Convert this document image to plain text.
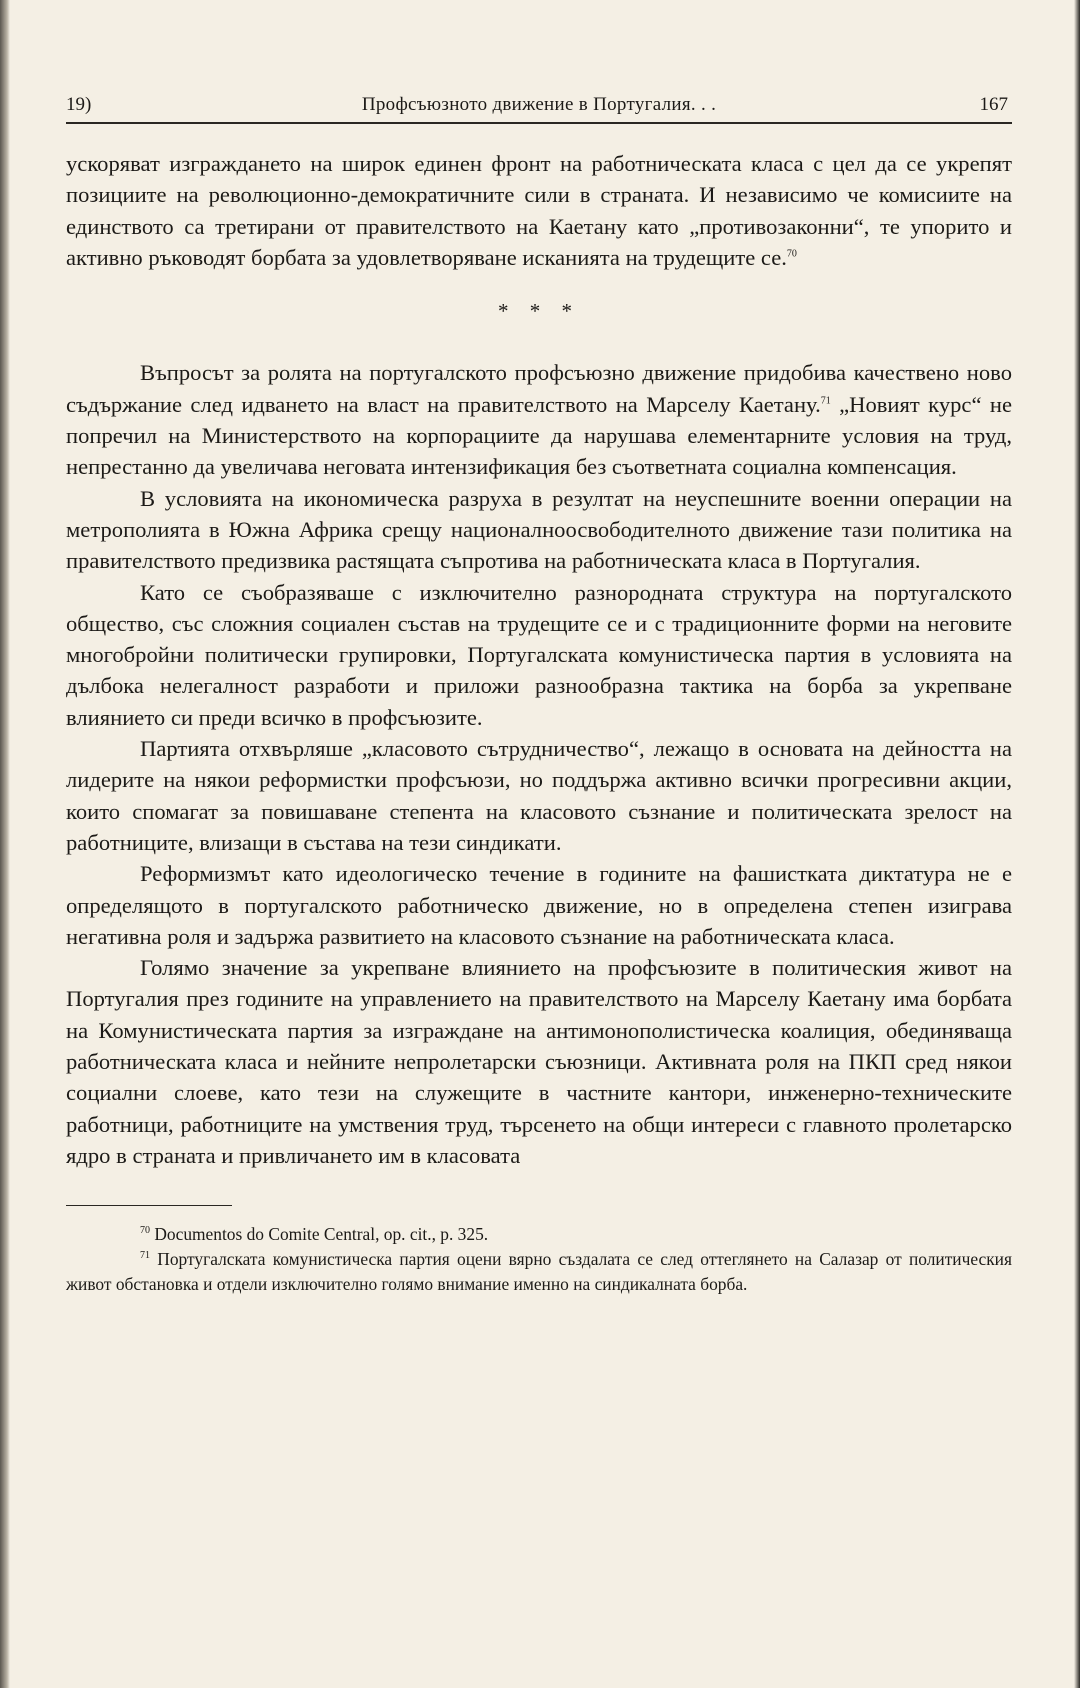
19)	Профсъюзното движение в Португалия. . .	167

ускоряват изграждането на широк единен фронт на работническата класа с цел да се укрепят позициите на революционно-демократичните сили в страната. И независимо че комисиите на единството са третирани от правителството на Каетану като „противозаконни“, те упорито и активно ръководят борбата за удовлетворяване исканията на трудещите се.$^{70}$

* * *

Въпросът за ролята на португалското профсъюзно движение придобива качествено ново съдържание след идването на власт на правителството на Марселу Каетану.$^{71}$ „Новият курс“ не попречил на Министерството на корпорациите да нарушава елементарните условия на труд, непрестанно да увеличава неговата интензификация без съответната социална компенсация.

В условията на икономическа разруха в резултат на неуспешните военни операции на метрополията в Южна Африка срещу националноосвободителното движение тази политика на правителството предизвика растящата съпротива на работническата класа в Португалия.

Като се съобразяваше с изключително разнородната структура на португалското общество, със сложния социален състав на трудещите се и с традиционните форми на неговите многобройни политически групировки, Португалската комунистическа партия в условията на дълбока нелегалност разработи и приложи разнообразна тактика на борба за укрепване влиянието си преди всичко в профсъюзите.

Партията отхвърляше „класовото сътрудничество“, лежащо в основата на дейността на лидерите на някои реформистки профсъюзи, но поддържа активно всички прогресивни акции, които спомагат за повишаване степента на класовото съзнание и политическата зрелост на работниците, влизащи в състава на тези синдикати.

Реформизмът като идеологическо течение в годините на фашистката диктатура не е определящото в португалското работническо движение, но в определена степен изиграва негативна роля и задържа развитието на класовото съзнание на работническата класа.

Голямо значение за укрепване влиянието на профсъюзите в политическия живот на Португалия през годините на управлението на правителството на Марселу Каетану има борбата на Комунистическата партия за изграждане на антимонополистическа коалиция, обединяваща работническата класа и нейните непролетарски съюзници. Активната роля на ПКП сред някои социални слоеве, като тези на служещите в частните кантори, инженерно-техническите работници, работниците на умствения труд, търсенето на общи интереси с главното пролетарско ядро в страната и привличането им в класовата

$^{70}$ Documentos do Comite Central, op. cit., p. 325.

$^{71}$ Португалската комунистическа партия оцени вярно създалата се след оттеглянето на Салазар от политическия живот обстановка и отдели изключително голямо внимание именно на синдикалната борба.
